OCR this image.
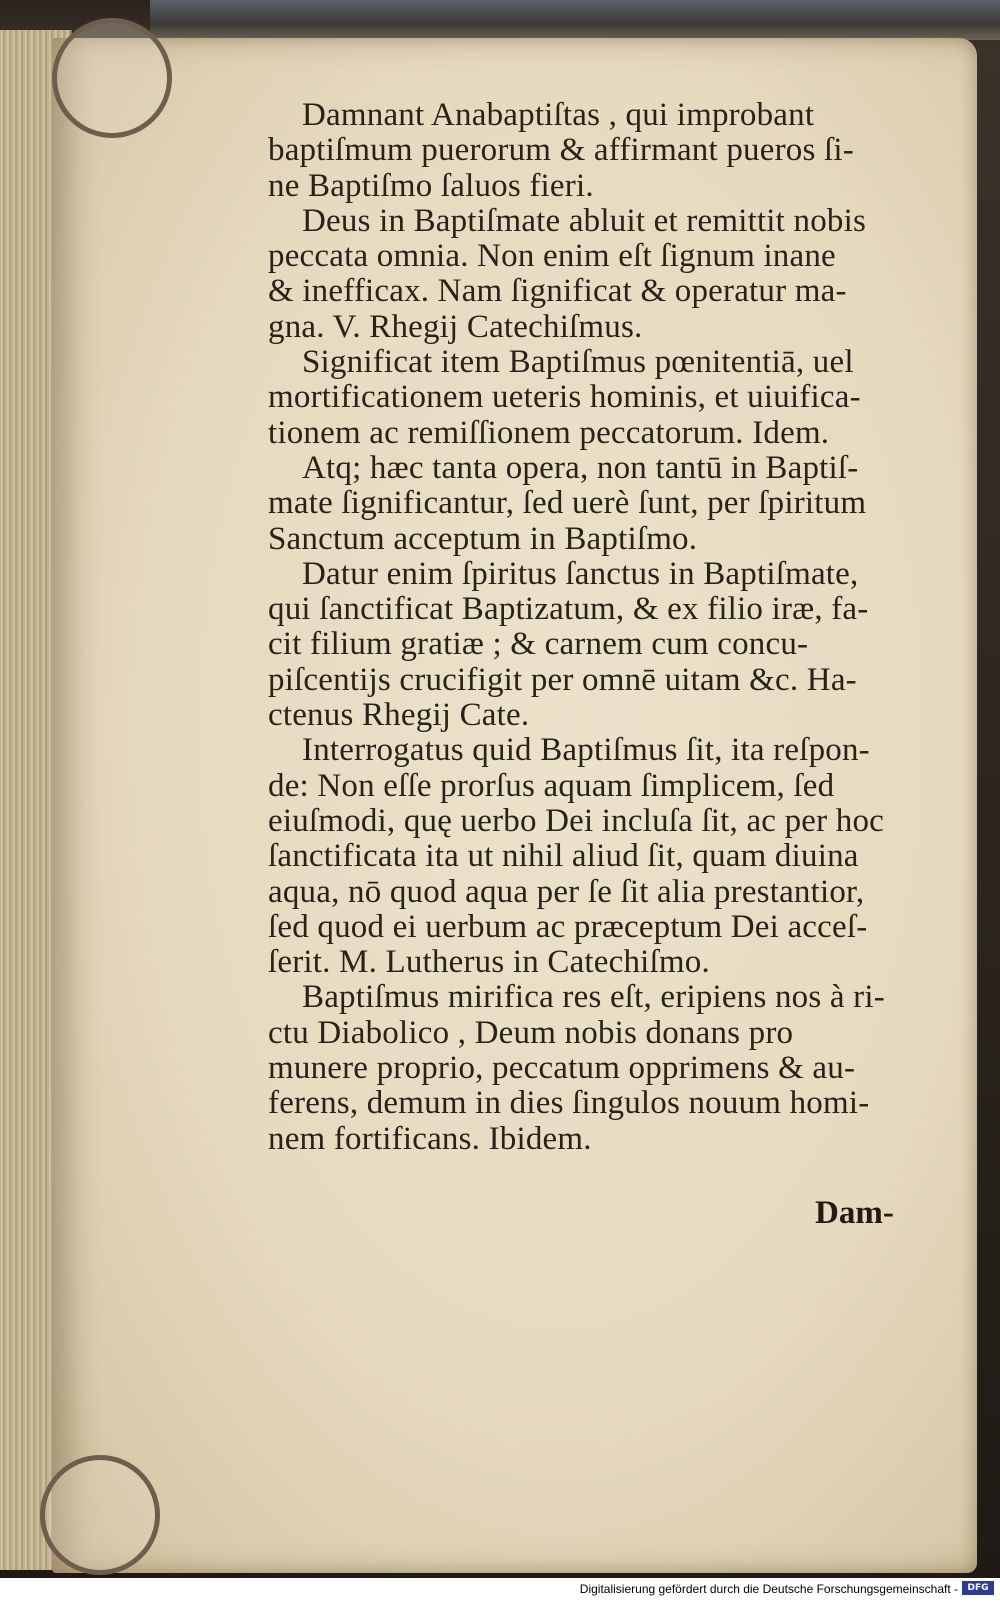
Damnant Anabaptiſtas , qui improbant
baptiſmum puerorum & affirmant pueros ſi-
ne Baptiſmo ſaluos fieri.
Deus in Baptiſmate abluit et remittit nobis
peccata omnia. Non enim eſt ſignum inane
& inefficax. Nam ſignificat & operatur ma-
gna. V. Rhegij Catechiſmus.
Significat item Baptiſmus pœnitentiā, uel
mortificationem ueteris hominis, et uiuifica-
tionem ac remiſſionem peccatorum. Idem.
Atq; hæc tanta opera, non tantū in Baptiſ-
mate ſignificantur, ſed uerè ſunt, per ſpiritum
Sanctum acceptum in Baptiſmo.
Datur enim ſpiritus ſanctus in Baptiſmate,
qui ſanctificat Baptizatum, & ex filio iræ, fa-
cit filium gratiæ ; & carnem cum concu-
piſcentijs crucifigit per omnē uitam &c. Ha-
ctenus Rhegij Cate.
Interrogatus quid Baptiſmus ſit, ita reſpon-
de: Non eſſe prorſus aquam ſimplicem, ſed
eiuſmodi, quę uerbo Dei incluſa ſit, ac per hoc
ſanctificata ita ut nihil aliud ſit, quam diuina
aqua, nō quod aqua per ſe ſit alia prestantior,
ſed quod ei uerbum ac præceptum Dei acceſ-
ſerit. M. Lutherus in Catechiſmo.
Baptiſmus mirifica res eſt, eripiens nos à ri-
ctu Diabolico , Deum nobis donans pro
munere proprio, peccatum opprimens & au-
ferens, demum in dies ſingulos nouum homi-
nem fortificans. Ibidem.
Dam-
Digitalisierung gefördert durch die Deutsche Forschungsgemeinschaft -	DFG
